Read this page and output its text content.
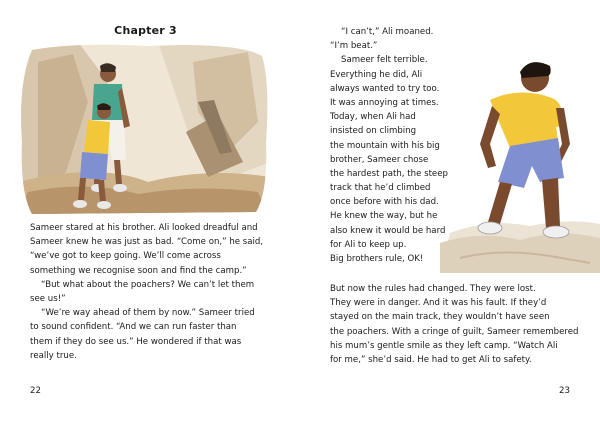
Chapter 3
Sameer stared at his brother. Ali looked dreadful and
Sameer knew he was just as bad. “Come on,” he said,
“we’ve got to keep going. We’ll come across
something we recognise soon and find the camp.”
“But what about the poachers? We can’t let them
see us!”
“We’re way ahead of them by now.” Sameer tried
to sound confident. “And we can run faster than
them if they do see us.” He wondered if that was
really true.
22
“I can’t,” Ali moaned.
“I’m beat.”
Sameer felt terrible.
Everything he did, Ali
always wanted to try too.
It was annoying at times.
Today, when Ali had
insisted on climbing
the mountain with his big
brother, Sameer chose
the hardest path, the steep
track that he’d climbed
once before with his dad.
He knew the way, but he
also knew it would be hard
for Ali to keep up.
Big brothers rule, OK!
But now the rules had changed. They were lost.
They were in danger. And it was his fault. If they’d
stayed on the main track, they wouldn’t have seen
the poachers. With a cringe of guilt, Sameer remembered
his mum’s gentle smile as they left camp. “Watch Ali
for me,” she’d said. He had to get Ali to safety.
23
